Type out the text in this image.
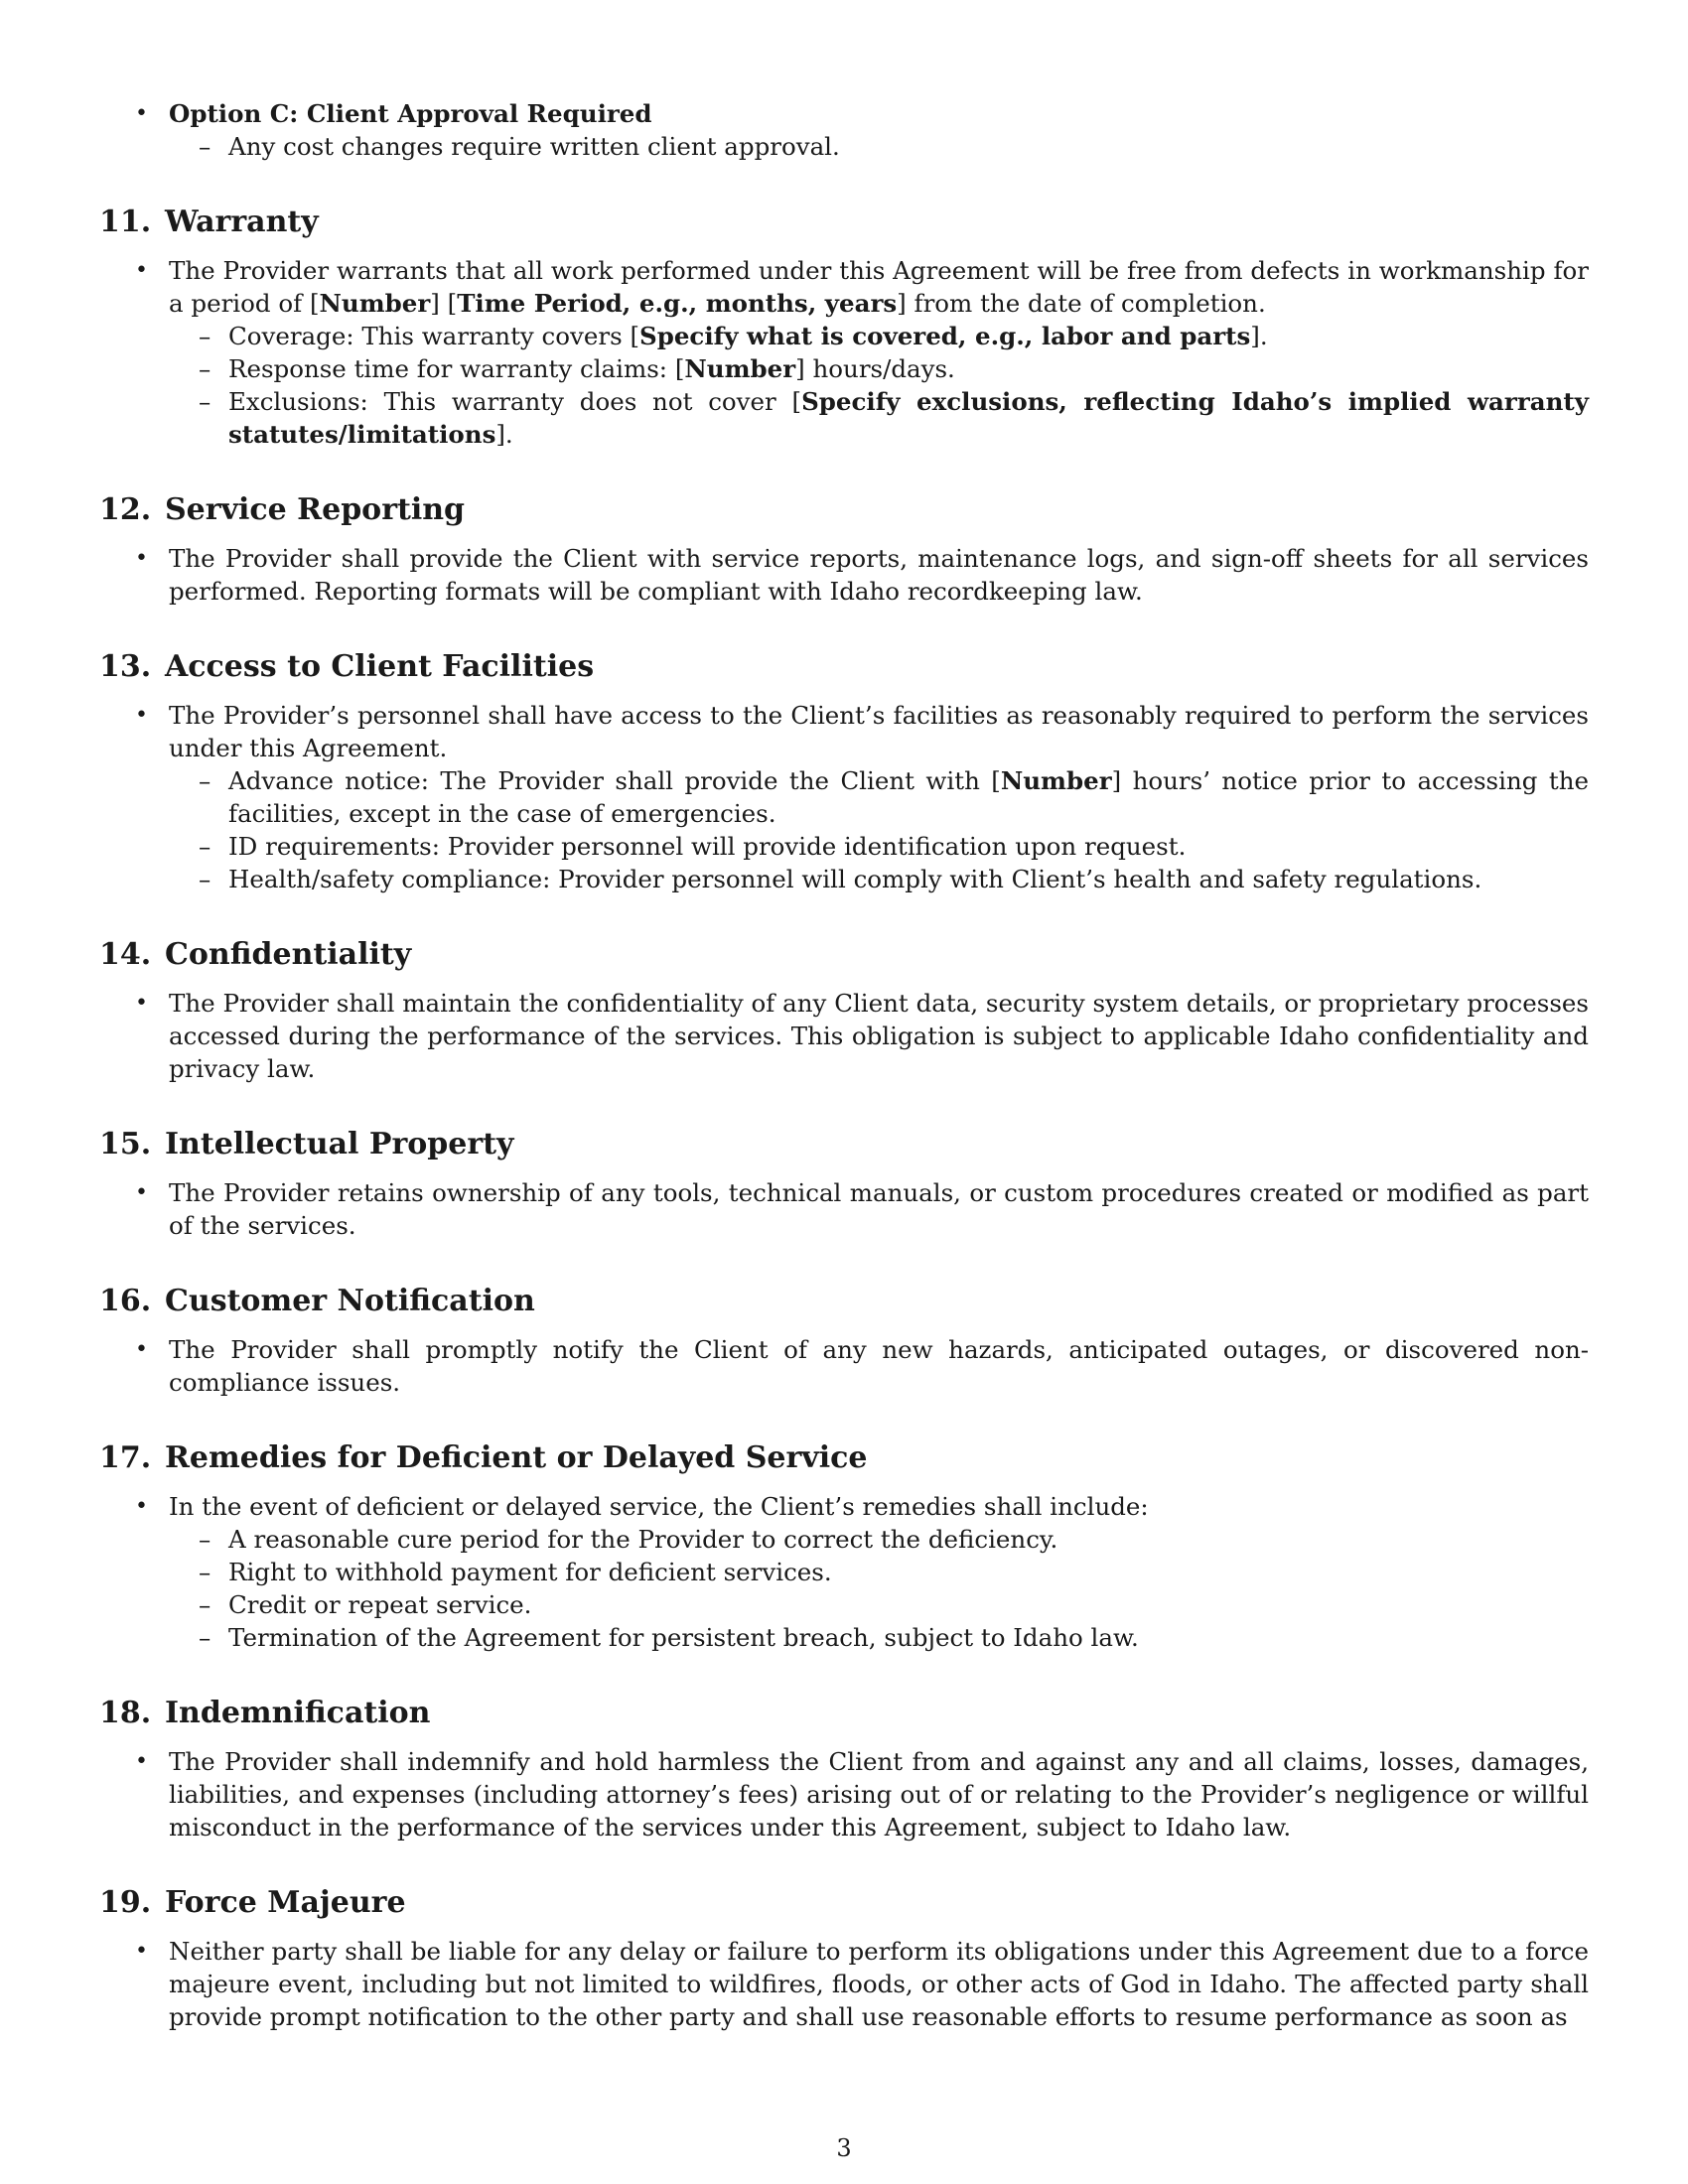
• Option C: Client Approval Required
– Any cost changes require written client approval.
11. Warranty
• The Provider warrants that all work performed under this Agreement will be free from defects in workmanship for a period of [Number] [Time Period, e.g., months, years] from the date of completion.
– Coverage: This warranty covers [Specify what is covered, e.g., labor and parts].
– Response time for warranty claims: [Number] hours/days.
– Exclusions: This warranty does not cover [Specify exclusions, reflecting Idaho’s implied warranty statutes/limitations].
12. Service Reporting
• The Provider shall provide the Client with service reports, maintenance logs, and sign-off sheets for all services performed. Reporting formats will be compliant with Idaho recordkeeping law.
13. Access to Client Facilities
• The Provider’s personnel shall have access to the Client’s facilities as reasonably required to perform the services under this Agreement.
– Advance notice: The Provider shall provide the Client with [Number] hours’ notice prior to accessing the facilities, except in the case of emergencies.
– ID requirements: Provider personnel will provide identification upon request.
– Health/safety compliance: Provider personnel will comply with Client’s health and safety regulations.
14. Confidentiality
• The Provider shall maintain the confidentiality of any Client data, security system details, or proprietary processes accessed during the performance of the services. This obligation is subject to applicable Idaho confidentiality and privacy law.
15. Intellectual Property
• The Provider retains ownership of any tools, technical manuals, or custom procedures created or modified as part of the services.
16. Customer Notification
• The Provider shall promptly notify the Client of any new hazards, anticipated outages, or discovered non-compliance issues.
17. Remedies for Deficient or Delayed Service
• In the event of deficient or delayed service, the Client’s remedies shall include:
– A reasonable cure period for the Provider to correct the deficiency.
– Right to withhold payment for deficient services.
– Credit or repeat service.
– Termination of the Agreement for persistent breach, subject to Idaho law.
18. Indemnification
• The Provider shall indemnify and hold harmless the Client from and against any and all claims, losses, damages, liabilities, and expenses (including attorney’s fees) arising out of or relating to the Provider’s negligence or willful misconduct in the performance of the services under this Agreement, subject to Idaho law.
19. Force Majeure
• Neither party shall be liable for any delay or failure to perform its obligations under this Agreement due to a force majeure event, including but not limited to wildfires, floods, or other acts of God in Idaho. The affected party shall provide prompt notification to the other party and shall use reasonable efforts to resume performance as soon as
3
